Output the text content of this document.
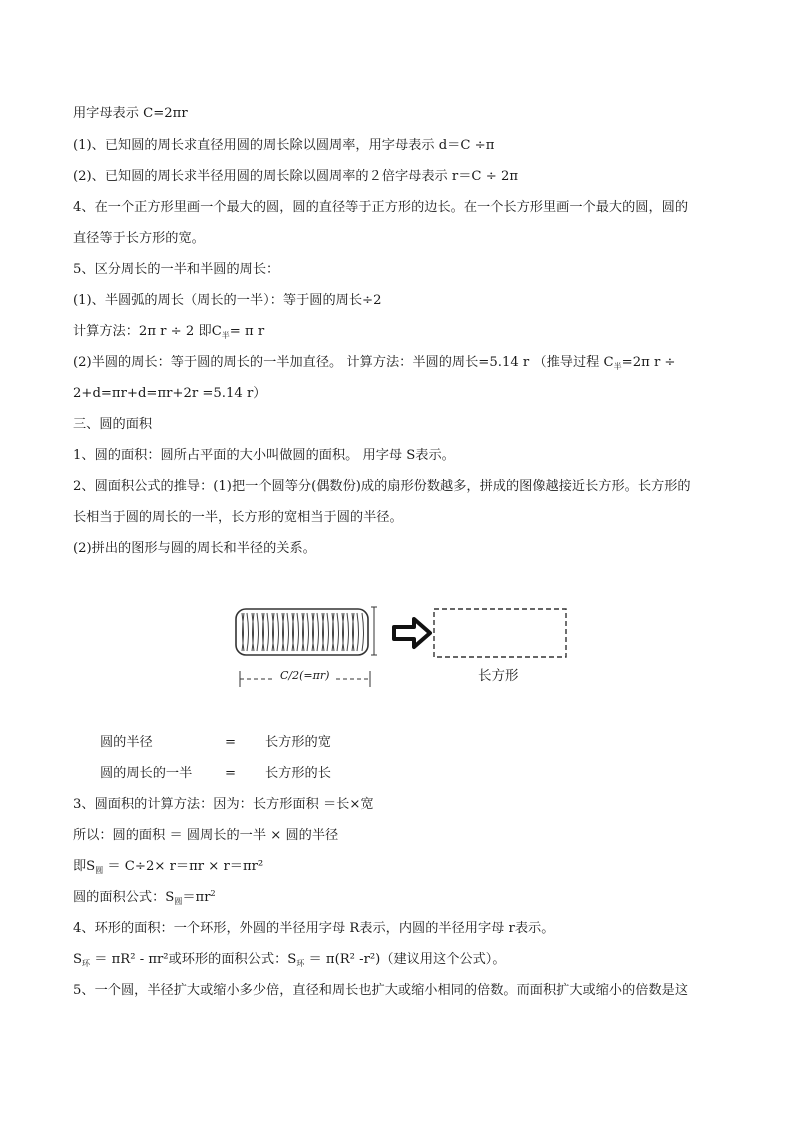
用字母表示 C=2πr
(1)、已知圆的周长求直径用圆的周长除以圆周率，用字母表示 d＝C ÷π
(2)、已知圆的周长求半径用圆的周长除以圆周率的２倍字母表示 r＝C ÷ 2π
4、在一个正方形里画一个最大的圆，圆的直径等于正方形的边长。在一个长方形里画一个最大的圆，圆的
直径等于长方形的宽。
5、区分周长的一半和半圆的周长：
(1)、半圆弧的周长（周长的一半）：等于圆的周长÷2
计算方法：2π r ÷ 2 即$C_半= \pi$ r
(2)半圆的周长：等于圆的周长的一半加直径。 计算方法：半圆的周长=5.14 r （推导过程 $C_半=2\pi$ r ÷
2+d=πr+d=πr+2r =5.14 r）
三、圆的面积
1、圆的面积：圆所占平面的大小叫做圆的面积。 用字母 S表示。
2、圆面积公式的推导：(1)把一个圆等分(偶数份)成的扇形份数越多，拼成的图像越接近长方形。长方形的
长相当于圆的周长的一半，长方形的宽相当于圆的半径。
(2)拼出的图形与圆的周长和半径的关系。
C/2(=πr)	长方形
圆的半径	= 长方形的宽
圆的周长的一半 = 长方形的长
3、圆面积的计算方法：因为：长方形面积 ＝长×宽
所以：圆的面积 ＝ 圆周长的一半 × 圆的半径
即$S_圆 = C\div 2\times r=\pi r \times r=\pi r^2$
圆的面积公式：$S_圆=\pi r^2$
4、环形的面积：一个环形，外圆的半径用字母 R表示，内圆的半径用字母 r表示。
$S_环 = \pi R^2 - \pi r^2$或环形的面积公式：$S_环 = \pi(R^2$ -r²)（建议用这个公式）。
5、一个圆，半径扩大或缩小多少倍，直径和周长也扩大或缩小相同的倍数。而面积扩大或缩小的倍数是这
